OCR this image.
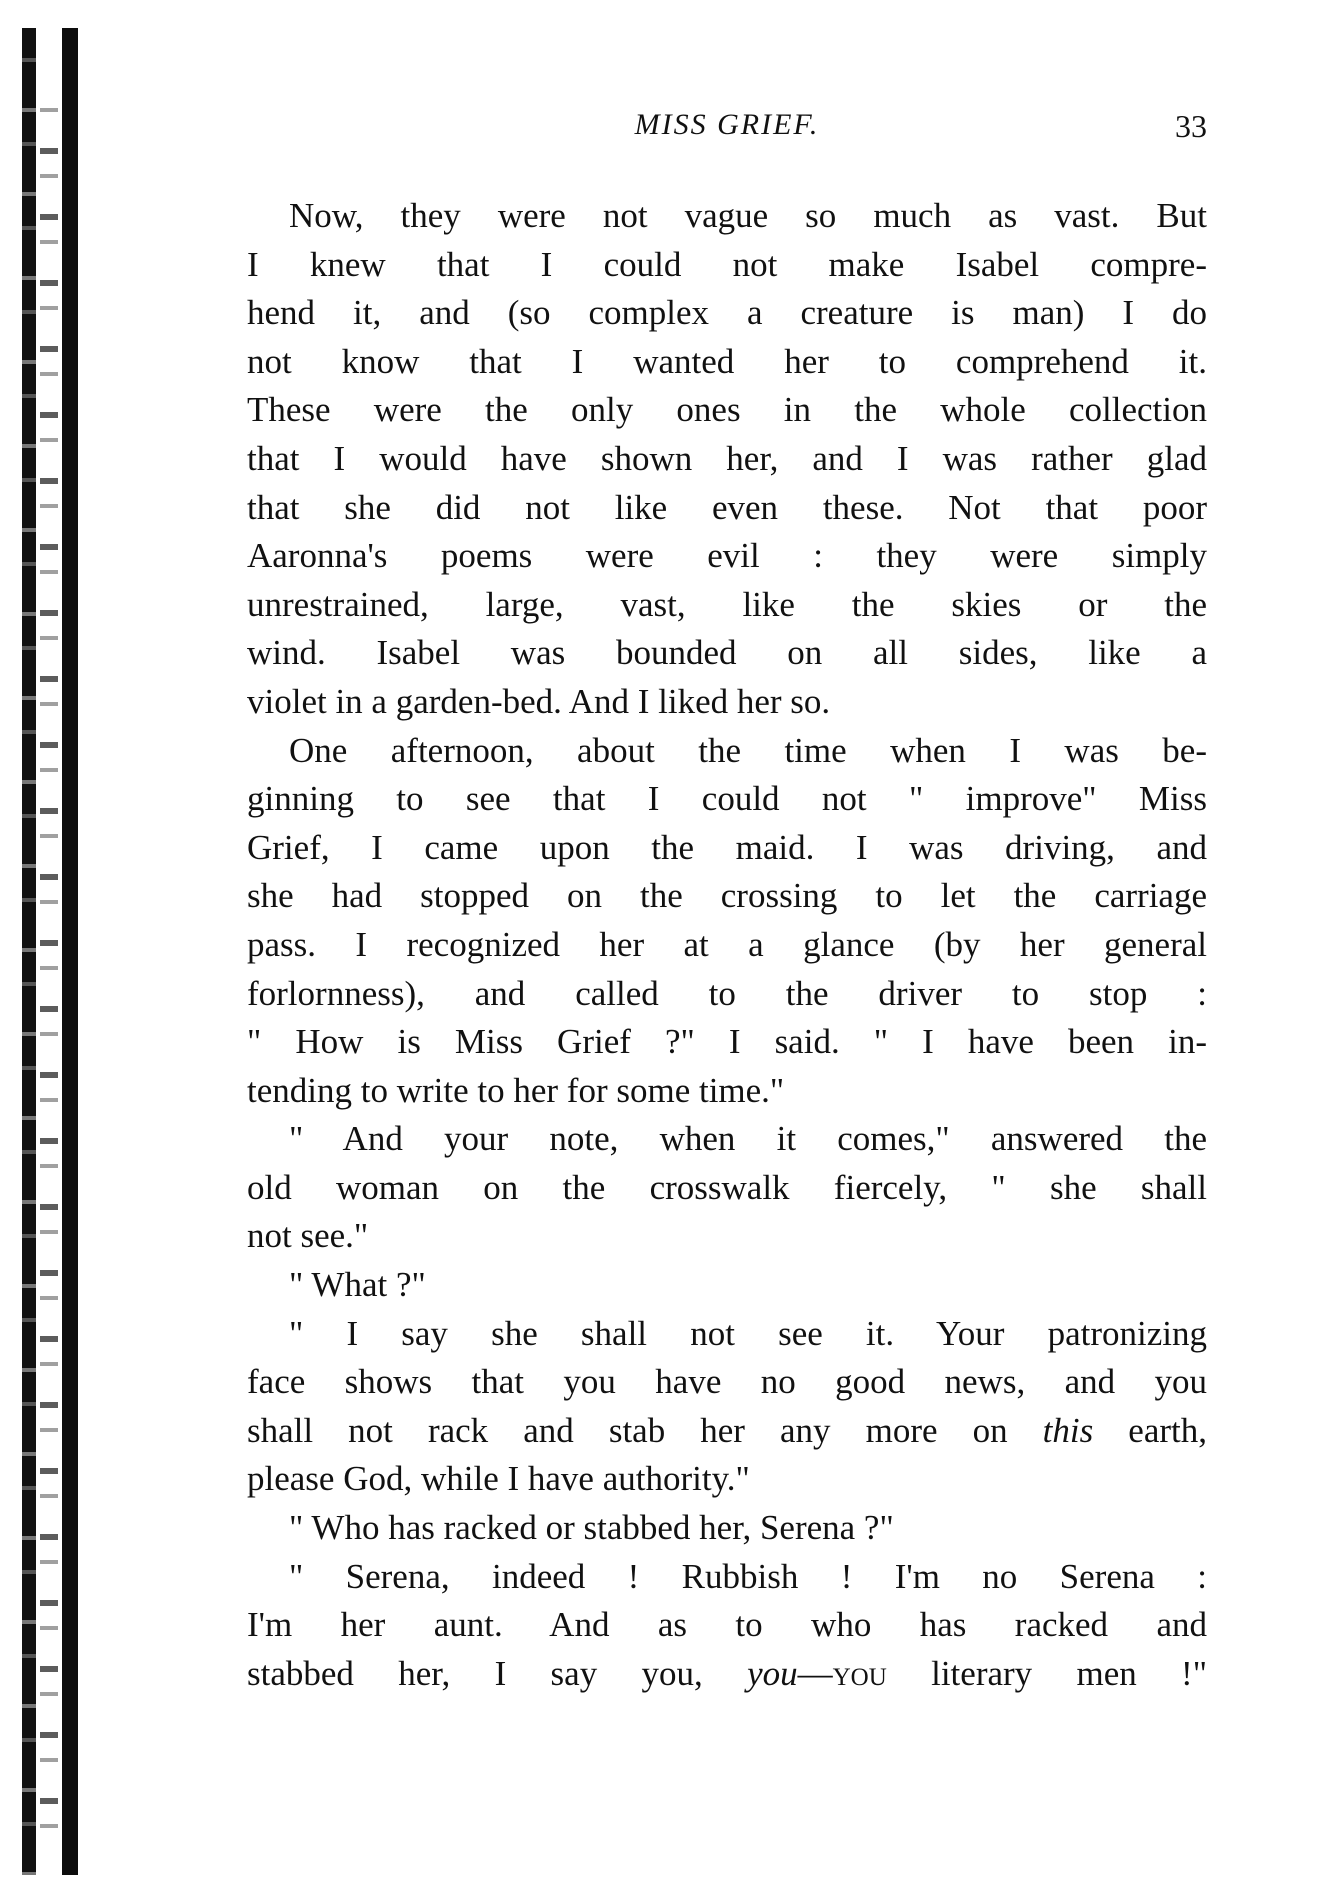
MISS GRIEF.	33
Now, they were not vague so much as vast. But
I knew that I could not make Isabel compre-
hend it, and (so complex a creature is man) I do
not know that I wanted her to comprehend it.
These were the only ones in the whole collection
that I would have shown her, and I was rather glad
that she did not like even these. Not that poor
Aaronna's poems were evil : they were simply
unrestrained, large, vast, like the skies or the
wind. Isabel was bounded on all sides, like a
violet in a garden-bed. And I liked her so.
One afternoon, about the time when I was be-
ginning to see that I could not " improve" Miss
Grief, I came upon the maid. I was driving, and
she had stopped on the crossing to let the carriage
pass. I recognized her at a glance (by her general
forlornness), and called to the driver to stop :
" How is Miss Grief ?" I said. " I have been in-
tending to write to her for some time."
" And your note, when it comes," answered the
old woman on the crosswalk fiercely, " she shall
not see."
" What ?"
" I say she shall not see it. Your patronizing
face shows that you have no good news, and you
shall not rack and stab her any more on this earth,
please God, while I have authority."
" Who has racked or stabbed her, Serena ?"
" Serena, indeed ! Rubbish ! I'm no Serena :
I'm her aunt. And as to who has racked and
stabbed her, I say you, you—you literary men !"
